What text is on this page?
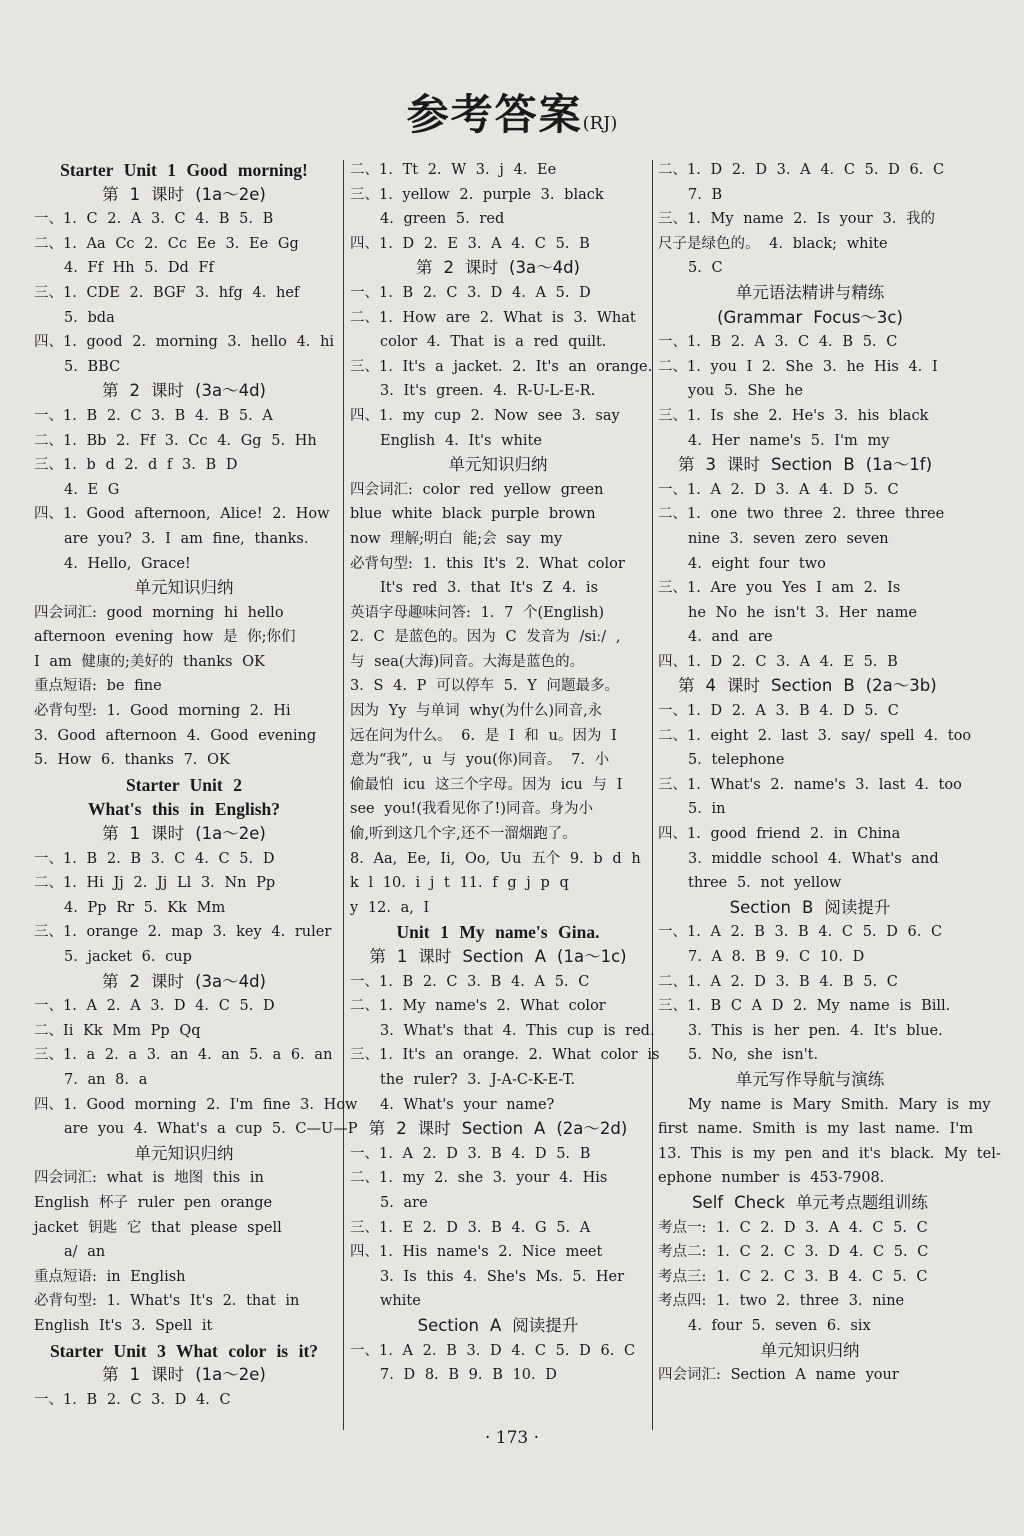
参考答案(RJ)
Starter Unit 1 Good morning!
第 1 课时 (1a～2e)
一、1. C 2. A 3. C 4. B 5. B
二、1. Aa Cc 2. Cc Ee 3. Ee Gg
4. Ff Hh 5. Dd Ff
三、1. CDE 2. BGF 3. hfg 4. hef
5. bda
四、1. good 2. morning 3. hello 4. hi
5. BBC
第 2 课时 (3a～4d)
一、1. B 2. C 3. B 4. B 5. A
二、1. Bb 2. Ff 3. Cc 4. Gg 5. Hh
三、1. b d 2. d f 3. B D
4. E G
四、1. Good afternoon, Alice! 2. How
are you? 3. I am fine, thanks.
4. Hello, Grace!
单元知识归纳
四会词汇: good morning hi hello
afternoon evening how 是 你;你们
I am 健康的;美好的 thanks OK
重点短语: be fine
必背句型: 1. Good morning 2. Hi
3. Good afternoon 4. Good evening
5. How 6. thanks 7. OK
Starter Unit 2
What's this in English?
第 1 课时 (1a～2e)
一、1. B 2. B 3. C 4. C 5. D
二、1. Hi Jj 2. Jj Ll 3. Nn Pp
4. Pp Rr 5. Kk Mm
三、1. orange 2. map 3. key 4. ruler
5. jacket 6. cup
第 2 课时 (3a～4d)
一、1. A 2. A 3. D 4. C 5. D
二、Ii Kk Mm Pp Qq
三、1. a 2. a 3. an 4. an 5. a 6. an
7. an 8. a
四、1. Good morning 2. I'm fine 3. How
are you 4. What's a cup 5. C—U—P
单元知识归纳
四会词汇: what is 地图 this in
English 杯子 ruler pen orange
jacket 钥匙 它 that please spell
a/ an
重点短语: in English
必背句型: 1. What's It's 2. that in
English It's 3. Spell it
Starter Unit 3 What color is it?
第 1 课时 (1a～2e)
一、1. B 2. C 3. D 4. C
二、1. Tt 2. W 3. j 4. Ee
三、1. yellow 2. purple 3. black
4. green 5. red
四、1. D 2. E 3. A 4. C 5. B
第 2 课时 (3a～4d)
一、1. B 2. C 3. D 4. A 5. D
二、1. How are 2. What is 3. What
color 4. That is a red quilt.
三、1. It's a jacket. 2. It's an orange.
3. It's green. 4. R-U-L-E-R.
四、1. my cup 2. Now see 3. say
English 4. It's white
单元知识归纳
四会词汇: color red yellow green
blue white black purple brown
now 理解;明白 能;会 say my
必背句型: 1. this It's 2. What color
It's red 3. that It's Z 4. is
英语字母趣味问答: 1. 7 个(English)
2. C 是蓝色的。因为 C 发音为 /siː/ ,
与 sea(大海)同音。大海是蓝色的。
3. S 4. P 可以停车 5. Y 问题最多。
因为 Yy 与单词 why(为什么)同音,永
远在问为什么。 6. 是 I 和 u。因为 I
意为“我”, u 与 you(你)同音。 7. 小
偷最怕 icu 这三个字母。因为 icu 与 I
see you!(我看见你了!)同音。身为小
偷,听到这几个字,还不一溜烟跑了。
8. Aa, Ee, Ii, Oo, Uu 五个 9. b d h
k l 10. i j t 11. f g j p q
y 12. a, I
Unit 1 My name's Gina.
第 1 课时 Section A (1a～1c)
一、1. B 2. C 3. B 4. A 5. C
二、1. My name's 2. What color
3. What's that 4. This cup is red.
三、1. It's an orange. 2. What color is
the ruler? 3. J-A-C-K-E-T.
4. What's your name?
第 2 课时 Section A (2a～2d)
一、1. A 2. D 3. B 4. D 5. B
二、1. my 2. she 3. your 4. His
5. are
三、1. E 2. D 3. B 4. G 5. A
四、1. His name's 2. Nice meet
3. Is this 4. She's Ms. 5. Her
white
Section A 阅读提升
一、1. A 2. B 3. D 4. C 5. D 6. C
7. D 8. B 9. B 10. D
二、1. D 2. D 3. A 4. C 5. D 6. C
7. B
三、1. My name 2. Is your 3. 我的
尺子是绿色的。 4. black; white
5. C
单元语法精讲与精练
(Grammar Focus～3c)
一、1. B 2. A 3. C 4. B 5. C
二、1. you I 2. She 3. he His 4. I
you 5. She he
三、1. Is she 2. He's 3. his black
4. Her name's 5. I'm my
第 3 课时 Section B (1a～1f)
一、1. A 2. D 3. A 4. D 5. C
二、1. one two three 2. three three
nine 3. seven zero seven
4. eight four two
三、1. Are you Yes I am 2. Is
he No he isn't 3. Her name
4. and are
四、1. D 2. C 3. A 4. E 5. B
第 4 课时 Section B (2a～3b)
一、1. D 2. A 3. B 4. D 5. C
二、1. eight 2. last 3. say/ spell 4. too
5. telephone
三、1. What's 2. name's 3. last 4. too
5. in
四、1. good friend 2. in China
3. middle school 4. What's and
three 5. not yellow
Section B 阅读提升
一、1. A 2. B 3. B 4. C 5. D 6. C
7. A 8. B 9. C 10. D
二、1. A 2. D 3. B 4. B 5. C
三、1. B C A D 2. My name is Bill.
3. This is her pen. 4. It's blue.
5. No, she isn't.
单元写作导航与演练
My name is Mary Smith. Mary is my
first name. Smith is my last name. I'm
13. This is my pen and it's black. My tel-
ephone number is 453-7908.
Self Check 单元考点题组训练
考点一: 1. C 2. D 3. A 4. C 5. C
考点二: 1. C 2. C 3. D 4. C 5. C
考点三: 1. C 2. C 3. B 4. C 5. C
考点四: 1. two 2. three 3. nine
4. four 5. seven 6. six
单元知识归纳
四会词汇: Section A name your
· 173 ·
